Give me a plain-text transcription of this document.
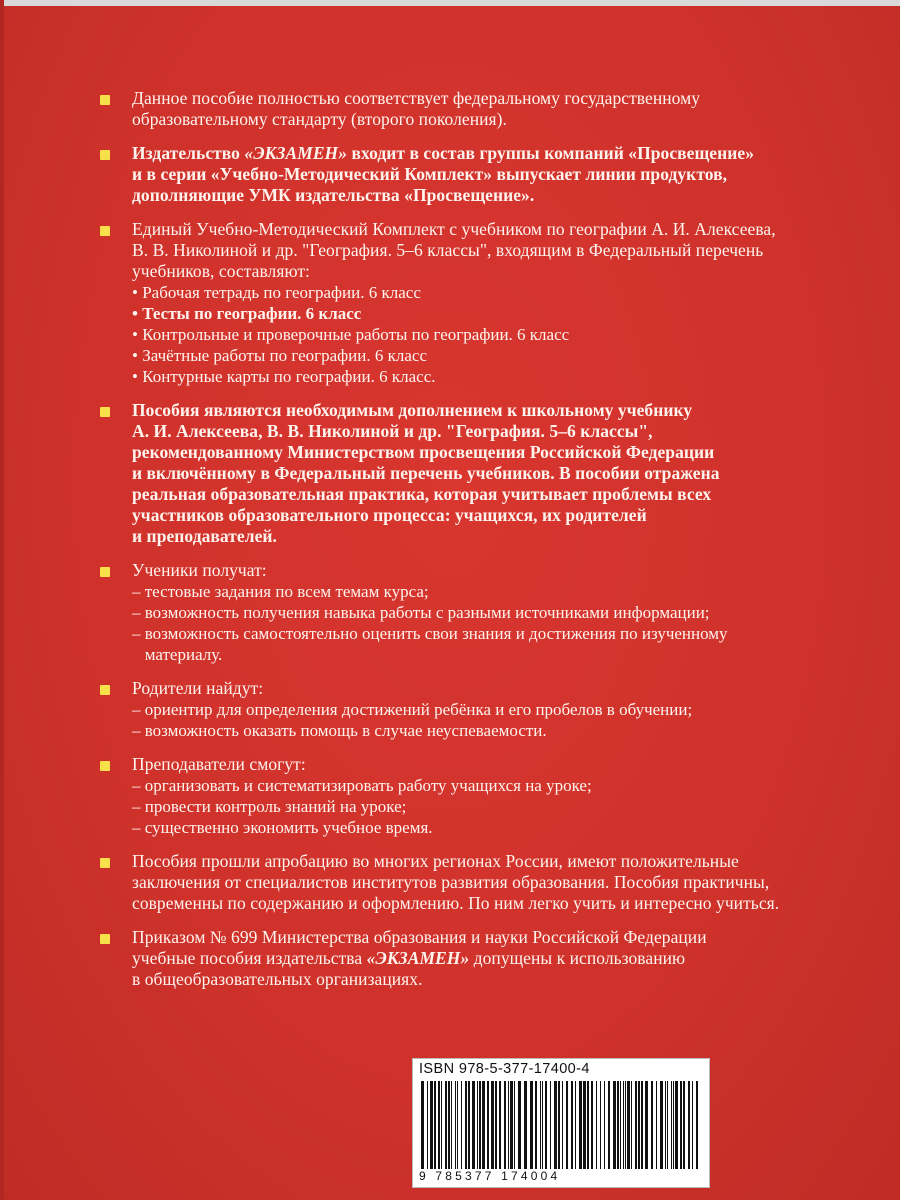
Данное пособие полностью соответствует федеральному государственному
образовательному стандарту (второго поколения).
Издательство «ЭКЗАМЕН» входит в состав группы компаний «Просвещение»
и в серии «Учебно-Методический Комплект» выпускает линии продуктов,
дополняющие УМК издательства «Просвещение».
Единый Учебно-Методический Комплект с учебником по географии А. И. Алексеева,
В. В. Николиной и др. "География. 5–6 классы", входящим в Федеральный перечень
учебников, составляют:
• Рабочая тетрадь по географии. 6 класс
• Тесты по географии. 6 класс
• Контрольные и проверочные работы по географии. 6 класс
• Зачётные работы по географии. 6 класс
• Контурные карты по географии. 6 класс.
Пособия являются необходимым дополнением к школьному учебнику
А. И. Алексеева, В. В. Николиной и др. "География. 5–6 классы",
рекомендованному Министерством просвещения Российской Федерации
и включённому в Федеральный перечень учебников. В пособии отражена
реальная образовательная практика, которая учитывает проблемы всех
участников образовательного процесса: учащихся, их родителей
и преподавателей.
Ученики получат:
– тестовые задания по всем темам курса;
– возможность получения навыка работы с разными источниками информации;
– возможность самостоятельно оценить свои знания и достижения по изученному
материалу.
Родители найдут:
– ориентир для определения достижений ребёнка и его пробелов в обучении;
– возможность оказать помощь в случае неуспеваемости.
Преподаватели смогут:
– организовать и систематизировать работу учащихся на уроке;
– провести контроль знаний на уроке;
– существенно экономить учебное время.
Пособия прошли апробацию во многих регионах России, имеют положительные
заключения от специалистов институтов развития образования. Пособия практичны,
современны по содержанию и оформлению. По ним легко учить и интересно учиться.
Приказом № 699 Министерства образования и науки Российской Федерации
учебные пособия издательства «ЭКЗАМЕН» допущены к использованию
в общеобразовательных организациях.
ISBN 978-5-377-17400-4
9 785377 174004
